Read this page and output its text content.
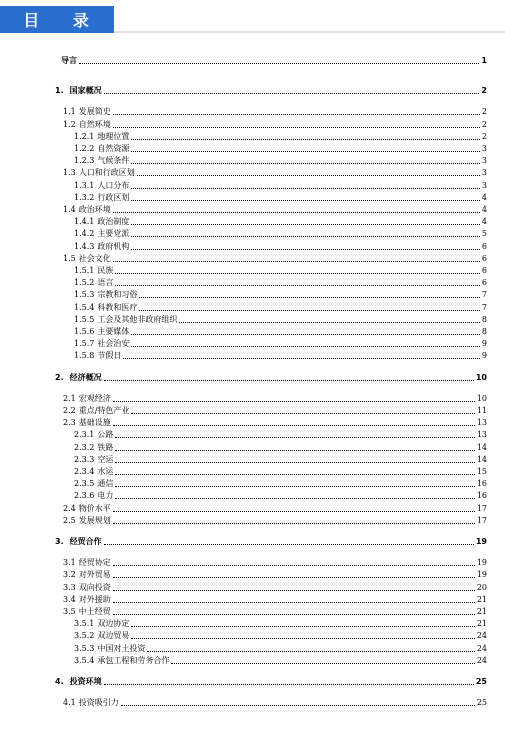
目 录
导言	1
1. 国家概况	2
1.1 发展简史	2
1.2 自然环境	2
1.2.1 地理位置	2
1.2.2 自然资源	3
1.2.3 气候条件	3
1.3 人口和行政区划	3
1.3.1 人口分布	3
1.3.2 行政区划	4
1.4 政治环境	4
1.4.1 政治制度	4
1.4.2 主要党派	5
1.4.3 政府机构	6
1.5 社会文化	6
1.5.1 民族	6
1.5.2 语言	6
1.5.3 宗教和习俗	7
1.5.4 科教和医疗	7
1.5.5 工会及其他非政府组织	8
1.5.6 主要媒体	8
1.5.7 社会治安	9
1.5.8 节假日	9
2. 经济概况	10
2.1 宏观经济	10
2.2 重点/特色产业	11
2.3 基础设施	13
2.3.1 公路	13
2.3.2 铁路	14
2.3.3 空运	14
2.3.4 水运	15
2.3.5 通信	16
2.3.6 电力	16
2.4 物价水平	17
2.5 发展规划	17
3. 经贸合作	19
3.1 经贸协定	19
3.2 对外贸易	19
3.3 双向投资	20
3.4 对外援助	21
3.5 中土经贸	21
3.5.1 双边协定	21
3.5.2 双边贸易	24
3.5.3 中国对土投资	24
3.5.4 承包工程和劳务合作	24
4. 投资环境	25
4.1 投资吸引力	25
